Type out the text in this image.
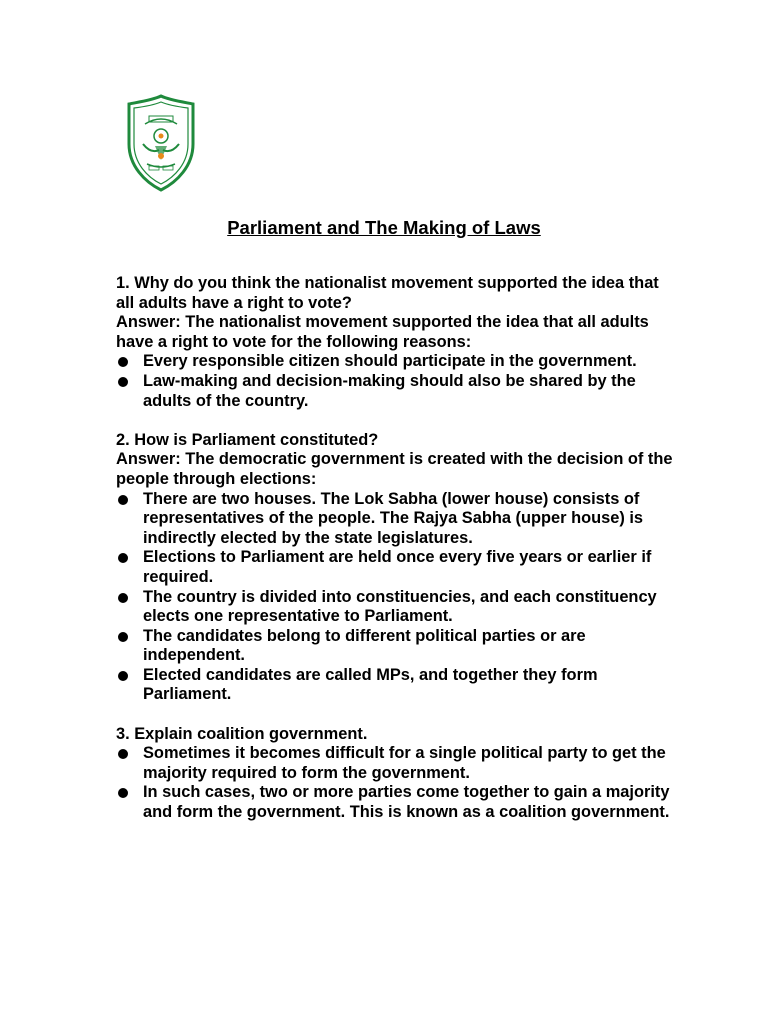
Parliament and The Making of Laws

1. Why do you think the nationalist movement supported the idea that all adults have a right to vote?

Answer: The nationalist movement supported the idea that all adults have a right to vote for the following reasons:

Every responsible citizen should participate in the government.
Law-making and decision-making should also be shared by the adults of the country.

2. How is Parliament constituted?

Answer: The democratic government is created with the decision of the people through elections:

There are two houses. The Lok Sabha (lower house) consists of representatives of the people. The Rajya Sabha (upper house) is indirectly elected by the state legislatures.
Elections to Parliament are held once every five years or earlier if required.
The country is divided into constituencies, and each constituency elects one representative to Parliament.
The candidates belong to different political parties or are independent.
Elected candidates are called MPs, and together they form Parliament.

3. Explain coalition government.

Sometimes it becomes difficult for a single political party to get the majority required to form the government.
In such cases, two or more parties come together to gain a majority and form the government. This is known as a coalition government.
